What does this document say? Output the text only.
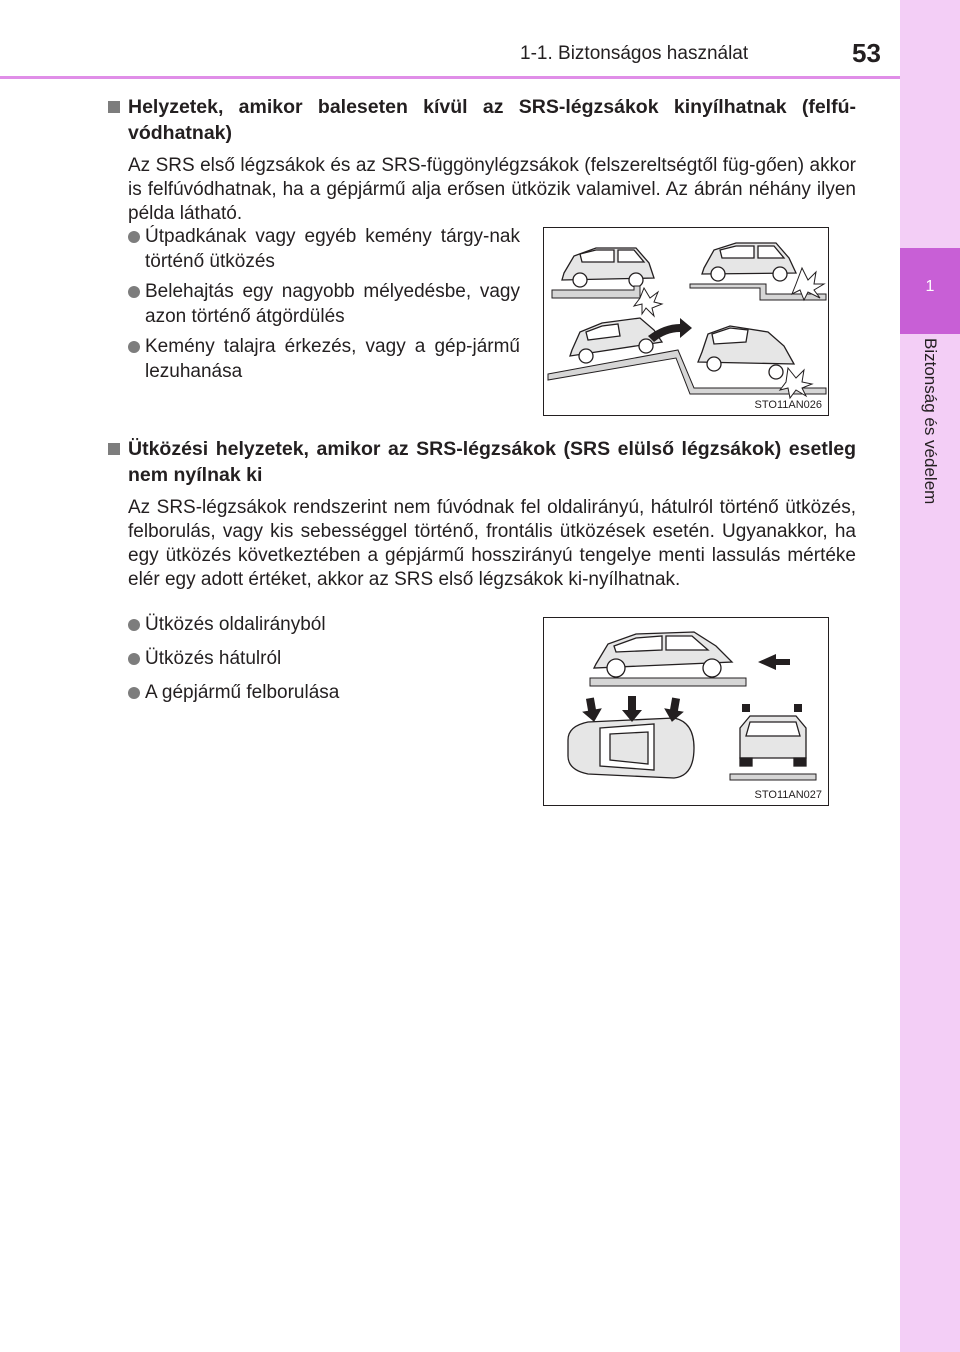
1-1. Biztonságos használat	53
1
Biztonság és védelem
Helyzetek, amikor baleseten kívül az SRS-légzsákok kinyílhatnak (felfú-vódhatnak)
Az SRS első légzsákok és az SRS-függönylégzsákok (felszereltségtől füg-gően) akkor is felfúvódhatnak, ha a gépjármű alja erősen ütközik valamivel. Az ábrán néhány ilyen példa látható.
Útpadkának vagy egyéb kemény tárgy-nak történő ütközés
Belehajtás egy nagyobb mélyedésbe, vagy azon történő átgördülés
Kemény talajra érkezés, vagy a gép-jármű lezuhanása
STO11AN026
Ütközési helyzetek, amikor az SRS-légzsákok (SRS elülső légzsákok) esetleg nem nyílnak ki
Az SRS-légzsákok rendszerint nem fúvódnak fel oldalirányú, hátulról történő ütközés, felborulás, vagy kis sebességgel történő, frontális ütközések esetén. Ugyanakkor, ha egy ütközés következtében a gépjármű hosszirányú tengelye menti lassulás mértéke elér egy adott értéket, akkor az SRS első légzsákok ki-nyílhatnak.
Ütközés oldalirányból
Ütközés hátulról
A gépjármű felborulása
STO11AN027
